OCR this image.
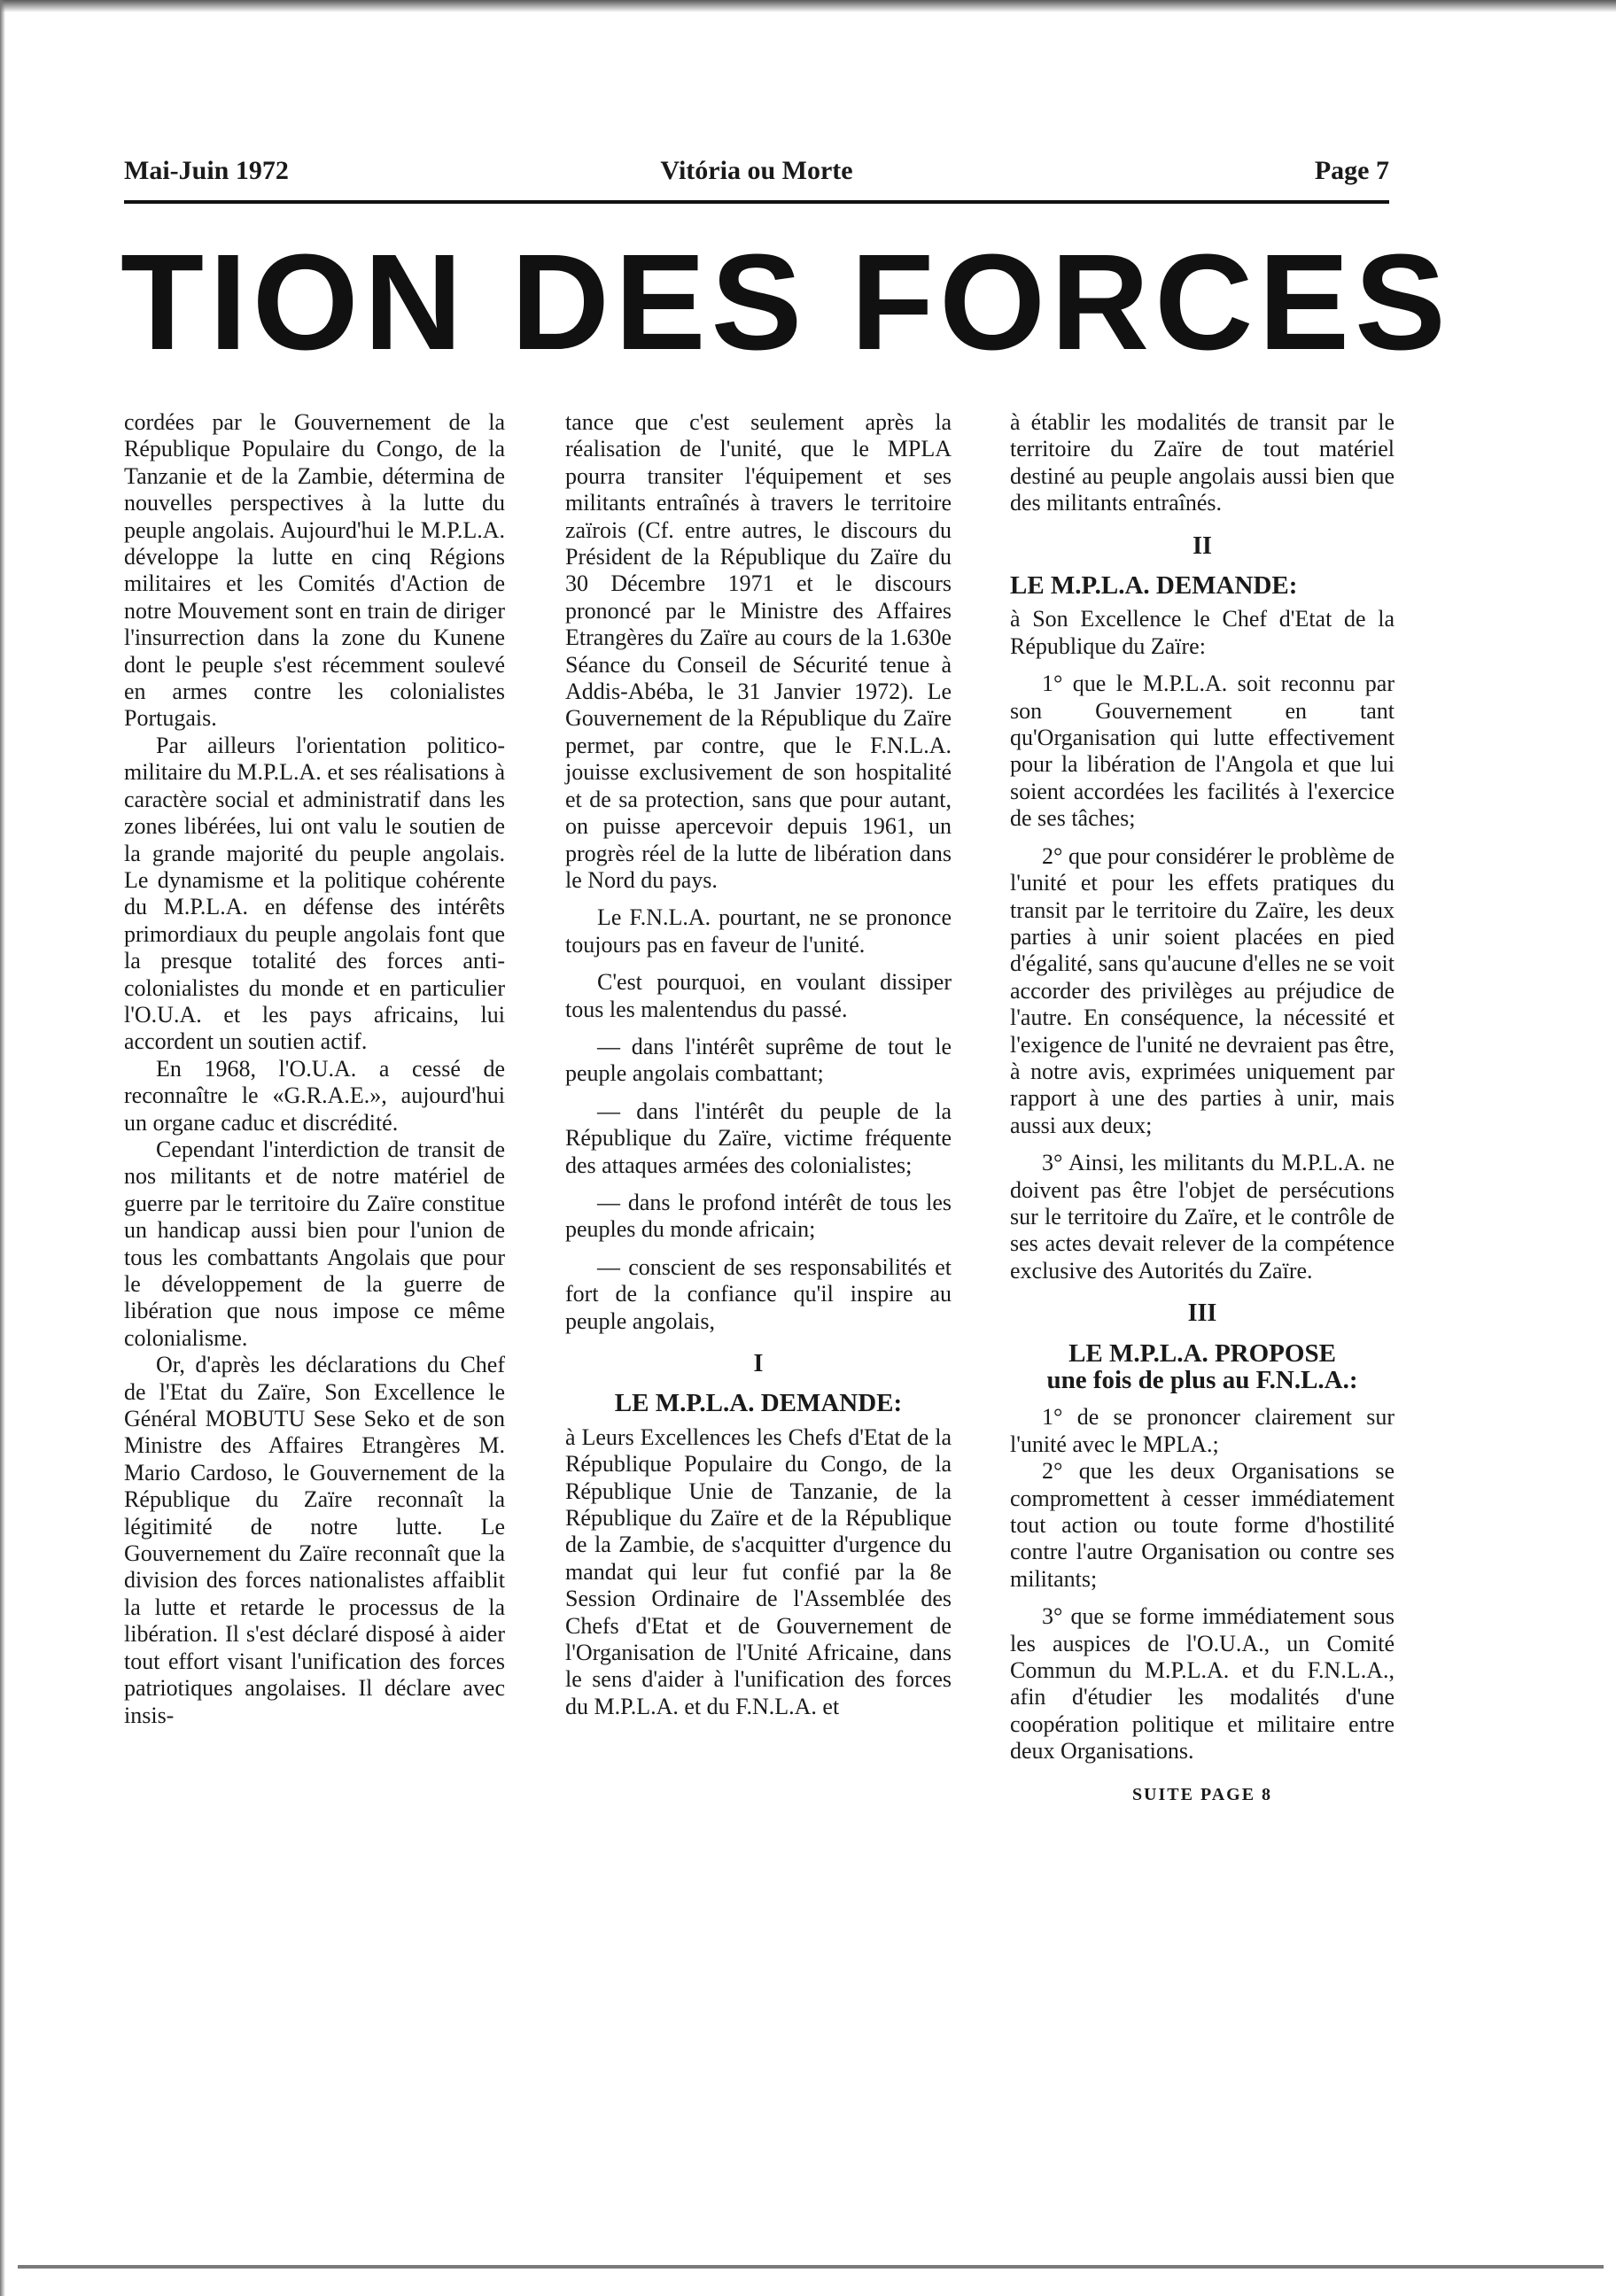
Mai-Juin 1972	Vitória ou Morte	Page 7
TION DES FORCES

cordées par le Gouvernement de la République Populaire du Congo, de la Tanzanie et de la Zambie, détermina de nouvelles perspectives à la lutte du peuple angolais. Aujourd'hui le M.P.L.A. développe la lutte en cinq Régions militaires et les Comités d'Action de notre Mouvement sont en train de diriger l'insurrection dans la zone du Kunene dont le peuple s'est récemment soulevé en armes contre les colonialistes Portugais.

Par ailleurs l'orientation politico-militaire du M.P.L.A. et ses réalisations à caractère social et administratif dans les zones libérées, lui ont valu le soutien de la grande majorité du peuple angolais. Le dynamisme et la politique cohérente du M.P.L.A. en défense des intérêts primordiaux du peuple angolais font que la presque totalité des forces anti-colonialistes du monde et en particulier l'O.U.A. et les pays africains, lui accordent un soutien actif.

En 1968, l'O.U.A. a cessé de reconnaître le «G.R.A.E.», aujourd'hui un organe caduc et discrédité.

Cependant l'interdiction de transit de nos militants et de notre matériel de guerre par le territoire du Zaïre constitue un handicap aussi bien pour l'union de tous les combattants Angolais que pour le développement de la guerre de libération que nous impose ce même colonialisme.

Or, d'après les déclarations du Chef de l'Etat du Zaïre, Son Excellence le Général MOBUTU Sese Seko et de son Ministre des Affaires Etrangères M. Mario Cardoso, le Gouvernement de la République du Zaïre reconnaît la légitimité de notre lutte. Le Gouvernement du Zaïre reconnaît que la division des forces nationalistes affaiblit la lutte et retarde le processus de la libération. Il s'est déclaré disposé à aider tout effort visant l'unification des forces patriotiques angolaises. Il déclare avec insis-

tance que c'est seulement après la réalisation de l'unité, que le MPLA pourra transiter l'équipement et ses militants entraînés à travers le territoire zaïrois (Cf. entre autres, le discours du Président de la République du Zaïre du 30 Décembre 1971 et le discours prononcé par le Ministre des Affaires Etrangères du Zaïre au cours de la 1.630e Séance du Conseil de Sécurité tenue à Addis-Abéba, le 31 Janvier 1972). Le Gouvernement de la République du Zaïre permet, par contre, que le F.N.L.A. jouisse exclusivement de son hospitalité et de sa protection, sans que pour autant, on puisse apercevoir depuis 1961, un progrès réel de la lutte de libération dans le Nord du pays.

Le F.N.L.A. pourtant, ne se prononce toujours pas en faveur de l'unité.

C'est pourquoi, en voulant dissiper tous les malentendus du passé.

— dans l'intérêt suprême de tout le peuple angolais combattant;

— dans l'intérêt du peuple de la République du Zaïre, victime fréquente des attaques armées des colonialistes;

— dans le profond intérêt de tous les peuples du monde africain;

— conscient de ses responsabilités et fort de la confiance qu'il inspire au peuple angolais,

I
LE M.P.L.A. DEMANDE:

à Leurs Excellences les Chefs d'Etat de la République Populaire du Congo, de la République Unie de Tanzanie, de la République du Zaïre et de la République de la Zambie, de s'acquitter d'urgence du mandat qui leur fut confié par la 8e Session Ordinaire de l'Assemblée des Chefs d'Etat et de Gouvernement de l'Organisation de l'Unité Africaine, dans le sens d'aider à l'unification des forces du M.P.L.A. et du F.N.L.A. et

à établir les modalités de transit par le territoire du Zaïre de tout matériel destiné au peuple angolais aussi bien que des militants entraînés.

II
LE M.P.L.A. DEMANDE:

à Son Excellence le Chef d'Etat de la République du Zaïre:

1° que le M.P.L.A. soit reconnu par son Gouvernement en tant qu'Organisation qui lutte effectivement pour la libération de l'Angola et que lui soient accordées les facilités à l'exercice de ses tâches;

2° que pour considérer le problème de l'unité et pour les effets pratiques du transit par le territoire du Zaïre, les deux parties à unir soient placées en pied d'égalité, sans qu'aucune d'elles ne se voit accorder des privilèges au préjudice de l'autre. En conséquence, la nécessité et l'exigence de l'unité ne devraient pas être, à notre avis, exprimées uniquement par rapport à une des parties à unir, mais aussi aux deux;

3° Ainsi, les militants du M.P.L.A. ne doivent pas être l'objet de persécutions sur le territoire du Zaïre, et le contrôle de ses actes devait relever de la compétence exclusive des Autorités du Zaïre.

III
LE M.P.L.A. PROPOSE
une fois de plus au F.N.L.A.:

1° de se prononcer clairement sur l'unité avec le MPLA.;

2° que les deux Organisations se compromettent à cesser immédiatement tout action ou toute forme d'hostilité contre l'autre Organisation ou contre ses militants;

3° que se forme immédiatement sous les auspices de l'O.U.A., un Comité Commun du M.P.L.A. et du F.N.L.A., afin d'étudier les modalités d'une coopération politique et militaire entre deux Organisations.

SUITE PAGE 8
